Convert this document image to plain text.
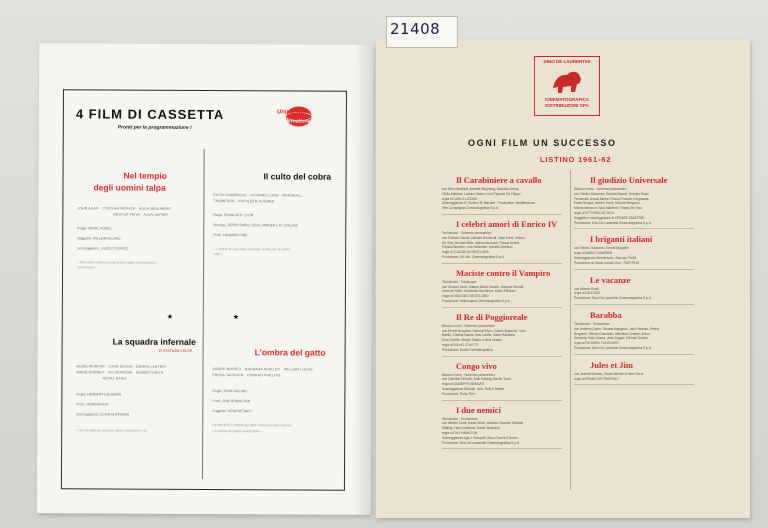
4 FILM DI CASSETTA
Pronti per la programmazione !
Universal
International
Nel tempio
degli uomini talpa
JOHN AGAR · CYNTHIA PATRICK · HUGH BEAUMONT
NESTOR PAIVA · ALAN NAPIER
Regia: VIRGIL VOGEL
Soggetto: WILLIAM ALLAND
Sceneggiatura: LASZLO GOROG
« Nel centro della terra gli uomini talpa con pericolosi
ed infernali »
Il culto del cobra
FAITH DOMERGUE · RICHARD LONG · MARSHALL
THOMPSON · KATHLEEN HUGHES
Regia: FRANCIS D. LYON
Sceneg.: JERRY DAVIS, CECIL MAIDEN e R. COLLINS
Prod.: HOWARD PINE
« I misteri di una setta orientale svelati per la prima
volta »
★	★
La squadra infernale
IN EASTMAN COLOR
AUDIE MURPHY · JOHN SAXON · DORRA LANTERI
WARD RAMSEY · VIC MORROW · ROBERT KEITH
ROYAL DANO
Regia: HERBERT COLEMAN
Prod.: GORDON KAY
Sceneggiatura: CLAIR HUFFAKER
« Un travolgente western carico di drammi e di...
L'ombra del gatto
ANDRE MORELL · BARBARA SHELLEY · WILLIAM LUCAS
FREDA JACKSON · CONRAD PHILLIPS
Regia: JOHN GILLING
Prod.: JON PENINGTON
Soggetto: GEORGE BAXT
Da film B.H.P. distribuito dalla Universal International
« L'ombra del gatto vendicatore »
21408
DINO DE LAURENTIIS
CINEMATOGRAFICA
DISTRIBUZIONI SPA
OGNI FILM UN SUCCESSO
LISTINO 1961-62
Il Carabiniere a cavallo
con Nino Manfredi, Annette Stroyberg, Maurizio Arena,
Clelia Matania, Luciano Salce e con Peppino De Filippo
regia di CARLO LIZZANI
Sceneggiatura: E. Scola e R. Maccari · Produzione: Mediterranea
Film Compagnia Cinematografica S.p.A.
I celebri amori di Enrico IV
Technicolor · Schermo panoramico
con Francis Claude, Daniele Decauval, Jean Sorel, Vittorio
De Sica, Bernard Blier, Melina Mercouri, Pascal Audret
Francis Blanche, Lise Delamare, Daniele Darrieux
regia di CLAUDE AUTANT-LARA
Produzione: DA.MA. Cinematografica S.p.A.
Maciste contro il Vampiro
Technicolor · Totalscope
con Gordon Scott, Gianna Maria Canale, Jacques Sernas
Leonora Ruffo, Annabella Incontrera, Mario Feliciani
regia di GIACOMO GENTILOMO
Produzione: Ambrosiana Cinematografica S.p.A.
Il Re di Poggioreale
Bianco e nero · Schermo panoramico
con Ernest Borgnine, Keenan Wynn, David Opatoshu, Yvon
Bartilli, Cristina Gaioni, Max Cartier, Salvo Randone
Enzo Giuffre, Sergio Tofano e Vera Venturi
regia di DUILIO COLETTI
Produzione: Dorita Cinematografica
Congo vivo
Bianco e nero · Schermo panoramico
con Gabriele Ferzetti, Jean Seberg, Bachir Toure
regia di GIUSEPPE BENNATI
Sceneggiatura: Bennati, Leto, Rulli e Dettori
Produzione: Rotor Film
I due nemici
Technicolor · Technirama
con Alberto Sordi, David Niven, Amedeo Nazzari, Michael
Wilding, Harry Andrews, David Opatoshu
regia di GUY HAMILTON
Sceneggiatura: Age e Scarpelli, Suso Cecchi D'Amico
Produzione: Dino De Laurentiis Cinematografica S.p.A.
Il giudizio Universale
Bianco e nero · Schermo panoramico
con Vittorio Gassman, Renato Rascel, Ernesto Rossi
Fernandel, Anouk Aimee, Franco Franchi e Ingrassia
Paolo Stoppa, Alberto Sordi, Silvana Mangano
Melina Mercouri, Nino Manfredi, Vittorio De Sica
regia di VITTORIO DE SICA
Soggetto e sceneggiatura di CESARE ZAVATTINI
Produzione: Dino De Laurentiis Cinematografica S.p.A.
I briganti italiani
con Vittorio Gassman, Ernest Borgnine
regia di MARIO CAMERINI
Sceneggiatura: Klementovic, Sonego, Perilli
Produzione di: Mario Cecchi Gori · FAIR FILM
Le vacanze
con Alberto Sordi
regia di DINO RISI
Produzione: Dino De Laurentiis Cinematografica S.p.A.
Barabba
Technicolor · Technirama
con Anthony Quinn, Silvana Mangano, Jack Palance, Ernest
Borgnine, Vittorio Gassman, Valentina Cortese, Arthur
Kennedy, Katy Jurado, Jean Leggio, Michael Gwynn
regia di RICHARD FLEISCHER
Produzione: Dino De Laurentiis Cinematografica S.p.A.
Jules et Jim
con Jeanne Moreau, Oscar Werner e Henri Serre
regia di FRANCOIS TRUFFAUT
